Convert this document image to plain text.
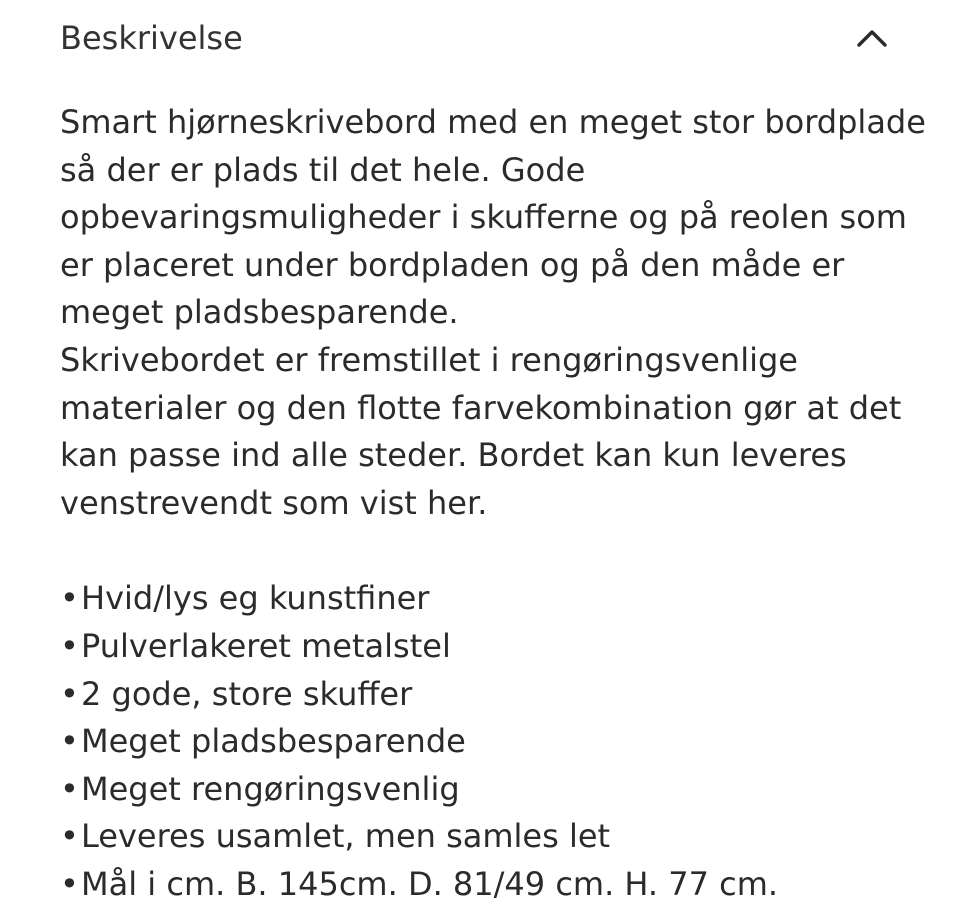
Beskrivelse

Smart hjørneskrivebord med en meget stor bordplade så der er plads til det hele. Gode opbevaringsmuligheder i skufferne og på reolen som er placeret under bordpladen og på den måde er meget pladsbesparende.

Skrivebordet er fremstillet i rengøringsvenlige materialer og den flotte farvekombination gør at det kan passe ind alle steder. Bordet kan kun leveres venstrevendt som vist her.

• Hvid/lys eg kunstfiner
• Pulverlakeret metalstel
• 2 gode, store skuffer
• Meget pladsbesparende
• Meget rengøringsvenlig
• Leveres usamlet, men samles let
• Mål i cm. B. 145cm. D. 81/49 cm. H. 77 cm.
